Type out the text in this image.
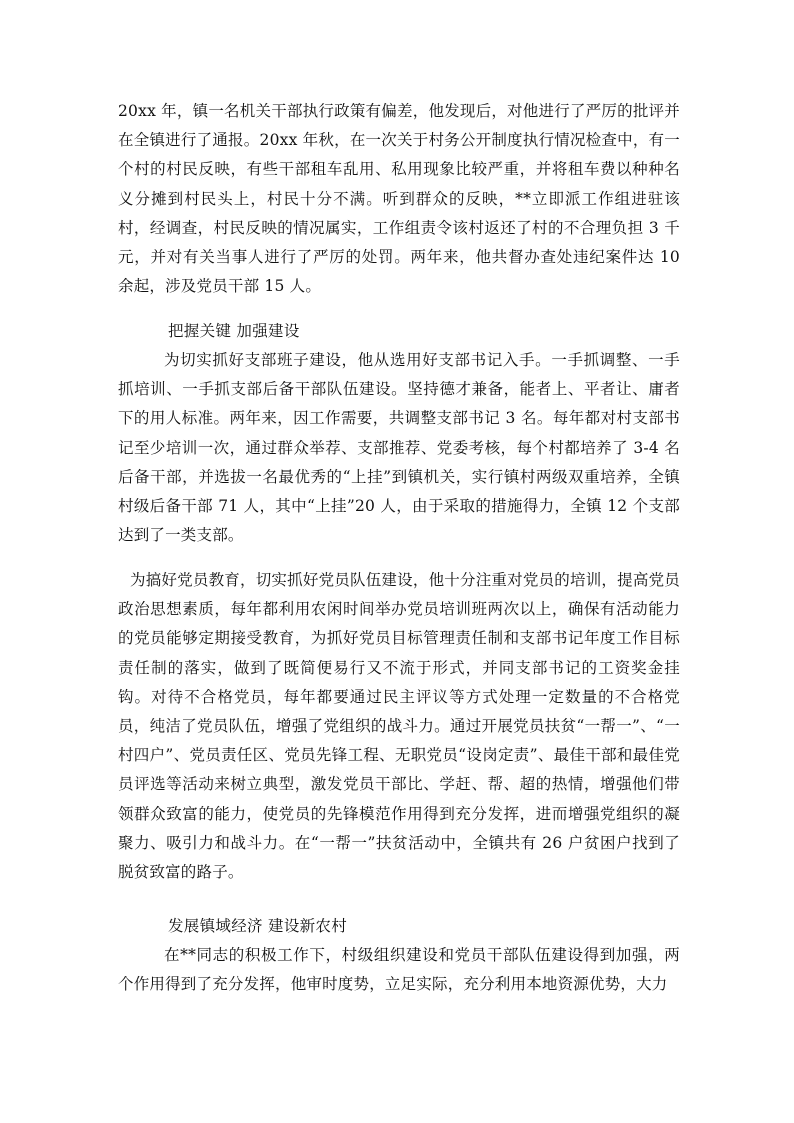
20xx 年，镇一名机关干部执行政策有偏差，他发现后，对他进行了严厉的批评并在全镇进行了通报。20xx 年秋，在一次关于村务公开制度执行情况检查中，有一个村的村民反映，有些干部租车乱用、私用现象比较严重，并将租车费以种种名义分摊到村民头上，村民十分不满。听到群众的反映，**立即派工作组进驻该村，经调查，村民反映的情况属实，工作组责令该村返还了村的不合理负担 3 千元，并对有关当事人进行了严厉的处罚。两年来，他共督办查处违纪案件达 10 余起，涉及党员干部 15 人。

把握关键 加强建设

为切实抓好支部班子建设，他从选用好支部书记入手。一手抓调整、一手抓培训、一手抓支部后备干部队伍建设。坚持德才兼备，能者上、平者让、庸者下的用人标准。两年来，因工作需要，共调整支部书记 3 名。每年都对村支部书记至少培训一次，通过群众举荐、支部推荐、党委考核，每个村都培养了 3-4 名后备干部，并选拔一名最优秀的“上挂”到镇机关，实行镇村两级双重培养，全镇村级后备干部 71 人，其中“上挂”20 人，由于采取的措施得力，全镇 12 个支部达到了一类支部。

为搞好党员教育，切实抓好党员队伍建设，他十分注重对党员的培训，提高党员政治思想素质，每年都利用农闲时间举办党员培训班两次以上，确保有活动能力的党员能够定期接受教育，为抓好党员目标管理责任制和支部书记年度工作目标责任制的落实，做到了既简便易行又不流于形式，并同支部书记的工资奖金挂钩。对待不合格党员，每年都要通过民主评议等方式处理一定数量的不合格党员，纯洁了党员队伍，增强了党组织的战斗力。通过开展党员扶贫“一帮一”、“一村四户”、党员责任区、党员先锋工程、无职党员“设岗定责”、最佳干部和最佳党员评选等活动来树立典型，激发党员干部比、学赶、帮、超的热情，增强他们带领群众致富的能力，使党员的先锋模范作用得到充分发挥，进而增强党组织的凝聚力、吸引力和战斗力。在“一帮一”扶贫活动中，全镇共有 26 户贫困户找到了脱贫致富的路子。

发展镇域经济 建设新农村

在**同志的积极工作下，村级组织建设和党员干部队伍建设得到加强，两个作用得到了充分发挥，他审时度势，立足实际，充分利用本地资源优势，大力
